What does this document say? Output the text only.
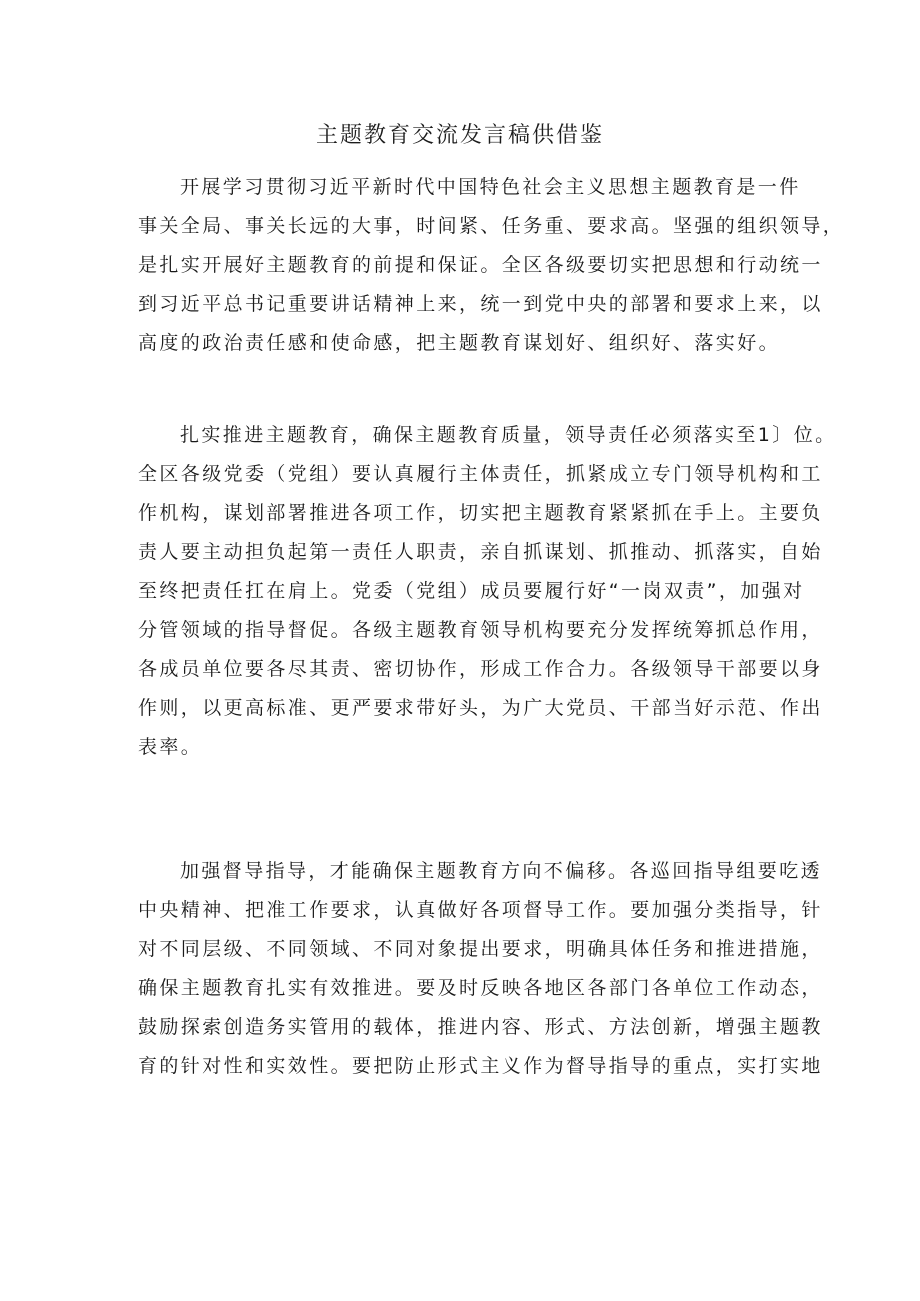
主题教育交流发言稿供借鉴
开展学习贯彻习近平新时代中国特色社会主义思想主题教育是一件
事关全局、事关长远的大事，时间紧、任务重、要求高。坚强的组织领导，
是扎实开展好主题教育的前提和保证。全区各级要切实把思想和行动统一
到习近平总书记重要讲话精神上来，统一到党中央的部署和要求上来，以
高度的政治责任感和使命感，把主题教育谋划好、组织好、落实好。
扎实推进主题教育，确保主题教育质量，领导责任必须落实至1〕位。
全区各级党委（党组）要认真履行主体责任，抓紧成立专门领导机构和工
作机构，谋划部署推进各项工作，切实把主题教育紧紧抓在手上。主要负
责人要主动担负起第一责任人职责，亲自抓谋划、抓推动、抓落实，自始
至终把责任扛在肩上。党委（党组）成员要履行好“一岗双责”，加强对
分管领域的指导督促。各级主题教育领导机构要充分发挥统筹抓总作用，
各成员单位要各尽其责、密切协作，形成工作合力。各级领导干部要以身
作则，以更高标准、更严要求带好头，为广大党员、干部当好示范、作出
表率。
加强督导指导，才能确保主题教育方向不偏移。各巡回指导组要吃透
中央精神、把准工作要求，认真做好各项督导工作。要加强分类指导，针
对不同层级、不同领域、不同对象提出要求，明确具体任务和推进措施，
确保主题教育扎实有效推进。要及时反映各地区各部门各单位工作动态，
鼓励探索创造务实管用的载体，推进内容、形式、方法创新，增强主题教
育的针对性和实效性。要把防止形式主义作为督导指导的重点，实打实地
